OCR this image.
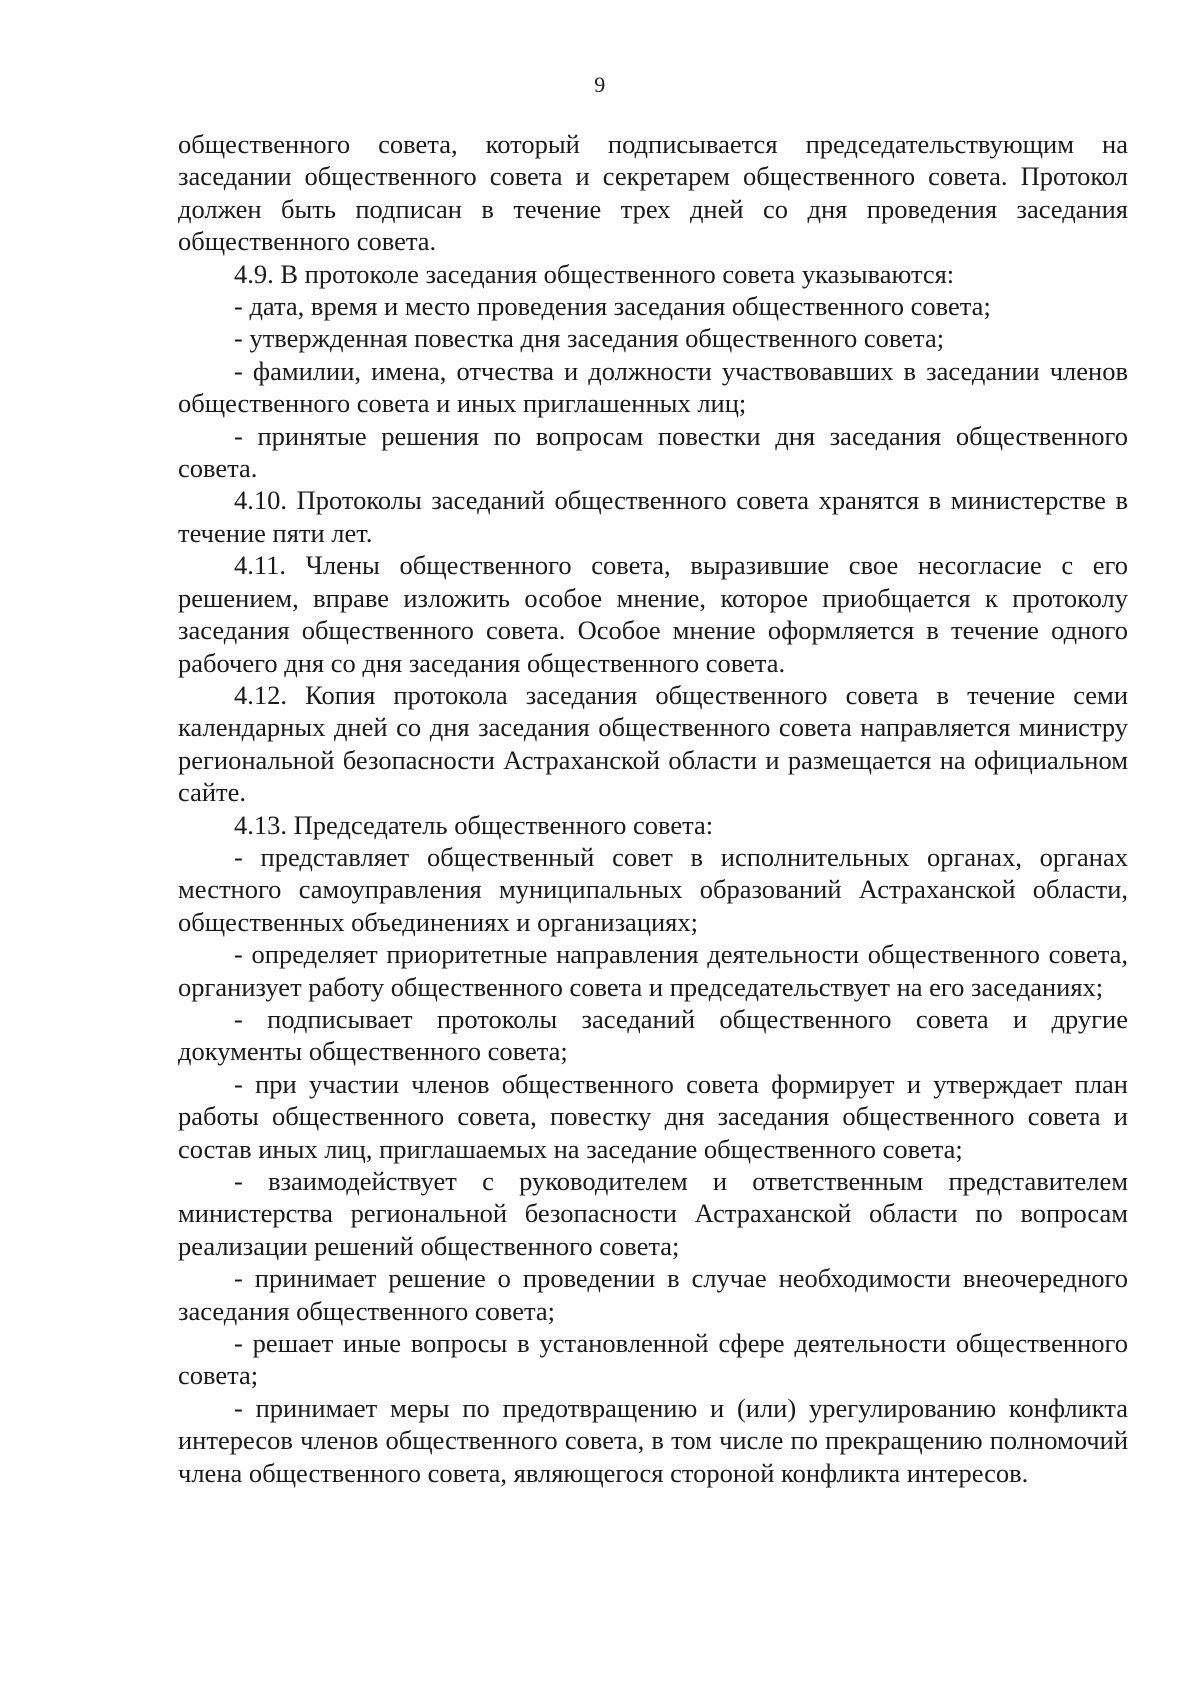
9

общественного совета, который подписывается председательствующим на заседании общественного совета и секретарем общественного совета. Протокол должен быть подписан в течение трех дней со дня проведения заседания общественного совета.

4.9. В протоколе заседания общественного совета указываются:

- дата, время и место проведения заседания общественного совета;

- утвержденная повестка дня заседания общественного совета;

- фамилии, имена, отчества и должности участвовавших в заседании членов общественного совета и иных приглашенных лиц;

- принятые решения по вопросам повестки дня заседания общественного совета.

4.10. Протоколы заседаний общественного совета хранятся в министерстве в течение пяти лет.

4.11. Члены общественного совета, выразившие свое несогласие с его решением, вправе изложить особое мнение, которое приобщается к протоколу заседания общественного совета. Особое мнение оформляется в течение одного рабочего дня со дня заседания общественного совета.

4.12. Копия протокола заседания общественного совета в течение семи календарных дней со дня заседания общественного совета направляется министру региональной безопасности Астраханской области и размещается на официальном сайте.

4.13. Председатель общественного совета:

- представляет общественный совет в исполнительных органах, органах местного самоуправления муниципальных образований Астраханской области, общественных объединениях и организациях;

- определяет приоритетные направления деятельности общественного совета, организует работу общественного совета и председательствует на его заседаниях;

- подписывает протоколы заседаний общественного совета и другие документы общественного совета;

- при участии членов общественного совета формирует и утверждает план работы общественного совета, повестку дня заседания общественного совета и состав иных лиц, приглашаемых на заседание общественного совета;

- взаимодействует с руководителем и ответственным представителем министерства региональной безопасности Астраханской области по вопросам реализации решений общественного совета;

- принимает решение о проведении в случае необходимости внеочередного заседания общественного совета;

- решает иные вопросы в установленной сфере деятельности общественного совета;

- принимает меры по предотвращению и (или) урегулированию конфликта интересов членов общественного совета, в том числе по прекращению полномочий члена общественного совета, являющегося стороной конфликта интересов.
